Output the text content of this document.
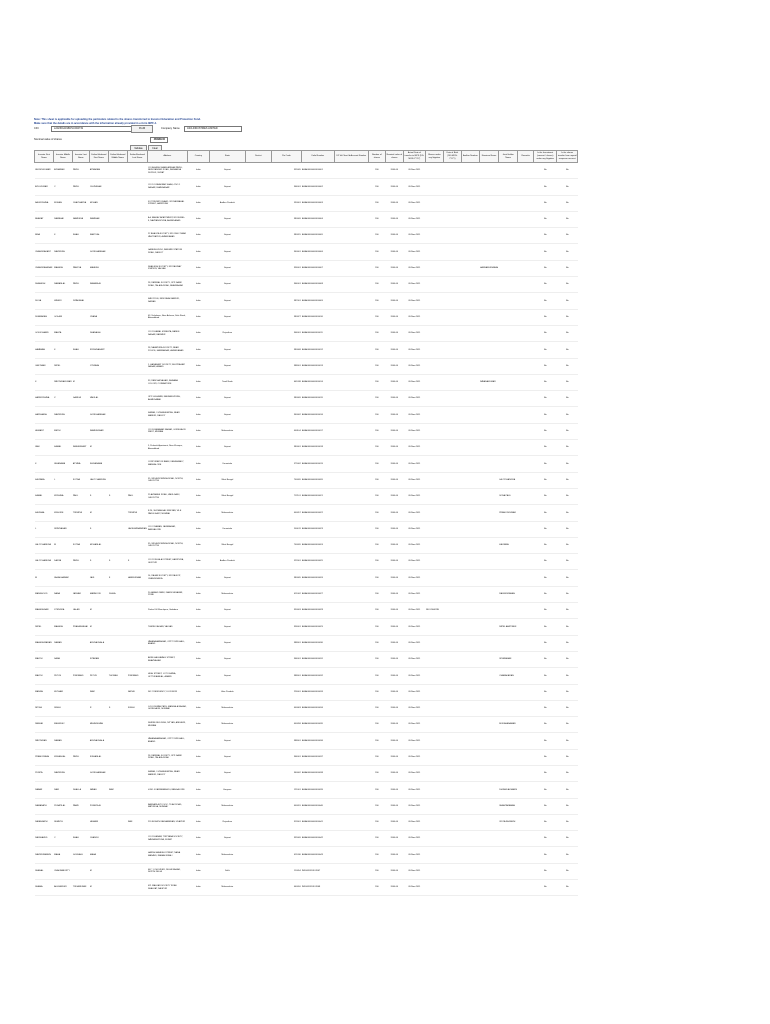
Note: This sheet is applicable for uploading the particulars related to the shares transferred to Investor Education and Protection Fund.
Make sure that the details are in accordance with the information already provided in e-form IEPF-4.
CIN	L24230GJ1981PLC004719	Prefill	Company Name	ASIA INDUSTRIES LIMITED
Nominal value of shares	460986.00
Validate	Clear
Investor First Name	Investor Middle Name	Investor Last Name	Father/Husband First Name	Father/Husband Middle Name	Father/Husband Last Name	Address	Country	State	District	Pin Code	Folio Number	DP Id-Client Id-Account Number	Number of shares	Nominal value of shares	Actual Date of transfer to IEPF (DD-MON-YYYY)	Shares under any litigation	Date of Birth (DD-MON-YYYY)	Aadhar Number	Nominee Name	Joint Holder Name	Remarks	Is the Investment (amount / shares) under any litigation	Is the shares transfer from unpaid suspense account
JAYDEVKUMAR	ATMARAM	PATEL	ATMARAM			C/O ASHISH SHANKARBHAI PATEL, NEW RANDER ROAD, RAJHANSA DUPLEX, SURAT	India	Gujarat		395005	ASIA00000000000001		200	2000.00	09-Nov-2011							No	No
ATULKUMAR	C	PATEL	CHUNIBHAI			C/O D S BHAVSAR SHAH, 4 NO 1 NAGAR, BHAVNAGAR	India	Gujarat		364001	ASIA00000000000002		200	2000.00	09-Nov-2011							No	No
BALKRISHNA	MOHAN	CHAITHANYA	MOHAN			I/O TIRUPATI CHAWL, NR RAJMAHAL STREET, HARIPURA	India	Andhra Pradesh		530001	ASIA00000000000003		200	2000.00	09-Nov-2011							No	No
BHARAT	RAMBHAI	NAMDEVA	RAMBHAI			A-4 SANJAY APARTMENT, NR SUMEL-II, NAVRANGPURA, AHMEDABAD	India	Gujarat		380009	ASIA00000000000004		200	2000.00	09-Nov-2011							No	No
BINA	K	SHAH	KANTILAL			22 BHAGYA SOCIETY, NR ONGC NEAR VASTRAPUR, AHMEDABAD	India	Gujarat		380015	ASIA00000000000005		200	2000.00	09-Nov-2011							No	No
CHANDRAKANT	RAVINDRA		GORDHANBHAI			GANESH KUNJ, RAILWAY STATION ROAD, RAJKOT	India	Gujarat		360001	ASIA00000000000006		200	2000.00	09-Nov-2011							No	No
CHANDRAVADAN	MAHESH	PANDYA	MAHESH			SHAILESH SOCIETY, NR RAILWAY STATION, VALSAD	India	Gujarat		396001	ASIA00000000000007		200	2000.00	09-Nov-2011				HANSAMUKHBHAI			No	No
DHANESH	RAMANLAL	PATEL	RAMANLAL			28, PARIMAL SOCIETY, OPP. BANK ROAD, TALAJA ROAD, BHAVNAGAR	India	Gujarat		364001	ASIA00000000000008		200	2000.00	09-Nov-2011							No	No
DILSA	ZAVERI	DIPAKBHAI				KAVI POLE, NEW BHAI MANDIR, NADIAD	India	Gujarat		387001	ASIA00000000000009		200	2000.00	09-Nov-2011							No	No
DIVAKARAN	GOLANI		JIVANA			43, Vishalwas, Near Ashram, Sola Road, Ahmedabad	India	Gujarat		380027	ASIA00000000000010		200	2000.00	09-Nov-2011							No	No
GOLIKSHAND	MAHTA		DHANALAL			C/O R KAMAL M MEHTA, BANKE NAGAR, BARMER	India	Rajasthan		344001	ASIA00000000000011		200	2000.00	09-Nov-2011							No	No
HAVAMAN	K	SHAH	KRISHNAKANT			28, NAVAPURA SOCIETY, NEAR POLICE, MANINAGAR, AHMEDABAD	India	Gujarat		380008	ASIA00000000000012		200	2000.00	09-Nov-2011							No	No
GEETHAM	PATEL		JITUBHAI			1, HARAKANT SOCIETY, B/H PRAGATI NAGAR, ANAND	India	Gujarat		388001	ASIA00000000000013		200	2000.00	09-Nov-2011							No	No
K	PAVITHRAKUMAR	M				33, PANCHA NAGAR, SAIBABA COLONY, COIMBATORE	India	Tamil Nadu		641038	ASIA00000000000014		200	2000.00	09-Nov-2011				RAVANAKUMAR			No	No
HARIKRISHNA	V	GANDHI	VADILAL			OPP. HIGHWAY, NAVRANGPURA, AHMEDABAD	India	Gujarat		380009	ASIA00000000000015		200	2000.00	09-Nov-2011							No	No
HARSHADA	RAVINDRA		GORDHANBHAI			KARAN, 3 VIKASHIVATSA, NEAR MANDIR, RAJKOT	India	Gujarat		360002	ASIA00000000000016		200	2000.00	09-Nov-2011							No	No
HEMANT	METHI		RAMESHWAR			C/O B JAWAHAR NAGAR, GOREGAON WEST, MUMBAI	India	Maharashtra		400104	ASIA00000000000017		200	2000.00	09-Nov-2011							No	No
JANI	KAMAL	RASHMIKANT	M			5, Prakash Apartment, Near Khanpur, Ahmedabad	India	Gujarat		380001	ASIA00000000000018		200	2000.00	09-Nov-2011							No	No
K	JAYARAMA	ATTAVA	SHIVARAMA			CORPORATION BANK, KANKANADY, MANGALORE	India	Karnataka		575002	ASIA00000000000019		200	2000.00	09-Nov-2011							No	No
KALPANA	L	KOTBA	LALITCHANDRA			95, SRI AUROBINDA ROAD, NORTH, CALCUTTA	India	West Bengal		700020	ASIA00000000000020		200	2000.00	09-Nov-2011					LALITCHANDRA		No	No
KAMAL	KRISHNA	PAUL	S	S	PAUL	29 AVINASHI ROAD, VAKILGANJ, CALCUTTA	India	West Bengal		712101	ASIA00000000000021		200	2000.00	09-Nov-2011					SONA PAUL		No	No
KAUSHAL	KISHORE	TRIPATHI	M		TRIPATHI	B 26, 304 MANGAL NIKETAN, VILE PARLE EAST, MUMBAI	India	Maharashtra		400057	ASIA00000000000022		200	2000.00	09-Nov-2011					PRAMODKUMAR		No	No
L	SRINIVASAN		S		LAKSHMINARAYAN	C/O V RAMAN, JAYANAGAR, BANGALORE	India	Karnataka		560011	ASIA00000000000023		200	2000.00	09-Nov-2011							No	No
LALITCHANDRA	M	KOTBA	MOHANLAL			95, SRI AUROBINDA ROAD, NORTH, CALCUTTA	India	West Bengal		700020	ASIA00000000000024		200	2000.00	09-Nov-2011					KALPANA		No	No
LALITCHANDRA	DANTA	PATEL	S	S	K	C/O R VELALAI STREET, HARIPURA, GUNTUR	India	Andhra Pradesh		522001	ASIA00000000000025		200	2000.00	09-Nov-2011							No	No
M	JAGADHARAM		JAIS	K	HASMUKHAN	14, RAJAN SOCIETY, NR RAJKOT, CHANDKHEDA	India	Gujarat		380005	ASIA00000000000026		200	2000.00	09-Nov-2011							No	No
MANNHOOD	NANA	JANVAR	MANMOOD	DIHGA		20, ANAND PARK, DANDIYA BAZAR, PUNE	India	Maharashtra		411002	ASIA00000000000027		200	2000.00	09-Nov-2011					RAJENDRANAN		No	No
MAHESHNAN	JITENDRA	LALAN	M			Parker Kill Shankpura, Vadodara	India	Gujarat		390003	ASIA00000000000028		200	2000.00	09-Nov-2011	NIL KISHORE						No	No
PATEL	MAHESH	PRAKASHBHAI	M			THERE KALVAN, VALSAD	India	Gujarat		396001	ASIA00000000000029		200	2000.00	09-Nov-2011					PATEL AARTIBEN		No	No
MAHESHWARAN	RAMAN		ARUNACHALA			VAVANAHARAGAR, OPP TOWN HALL, ANAND	India	Gujarat		388001	ASIA00000000000030		200	2000.00	09-Nov-2011							No	No
MALTHI	SANA		SITARAM			ARKE HALKAVALE STREET, BHAVNAGAR	India	Gujarat		364001	ASIA00000000000031		200	2000.00	09-Nov-2011					SITARAMAN		No	No
MALTHI	PETUS	PINKSAND	PETUS	THOMAS	PINKSAND	HIGH STREET, LOT 8 KAINA, LETTUKAVALAL, ANAND	India	Gujarat		388001	ASIA00000000000032		200	2000.00	09-Nov-2011					CHANAKARAN		No	No
MANISH	KETHAM		RAM		NATHU	NO 2 RESIDENCY, LUCKNOW	India	Uttar Pradesh		226001	ASIA00000000000033		200	2000.00	09-Nov-2011							No	No
NITIKA	SINGH		R	S	SINGH	G 101 DIWAN PATH, MANGALA NAGAR, GOREGAON, MUMBAI	India	Maharashtra		400063	ASIA00000000000034		200	2000.00	09-Nov-2011							No	No
PANKAJ	MEHNDEC		MEHNDEVAN			SHIRKE BUILDING, NITYAN, ANDHERI, MUMBAI	India	Maharashtra		400058	ASIA00000000000035		200	2000.00	09-Nov-2011					MODAVANAMAN		No	No
PAVITHRAN	RAMAN		ARUNACHALA			VAVANAHARAGAR, OPP TOWN HALL, ANAND	India	Gujarat		388001	ASIA00000000000036		200	2000.00	09-Nov-2011							No	No
PRAMODBHAI	KISHANLAL	PATEL	KISHANLAL			28, PARIMAL SOCIETY, OPP. BANK ROAD, TALAJA ROAD	India	Gujarat		364001	ASIA00000000000037		200	2000.00	09-Nov-2011							No	No
PUNITA	RAVINDRA		GORDHANBHAI			KARAN, 3 VIKASHIVATSA, NEAR MANDIR, RAJKOT	India	Gujarat		360002	ASIA00000000000038		200	2000.00	09-Nov-2011							No	No
RABAR	RAM	DHALLA	NAVAS	RAM		H NO 4 KARNATAKA 10, BANGALORE	India	Haryana		121001	ASIA00000000000039		200	2000.00	09-Nov-2011					DHIRAJLALMANIS		No	No
RAMANATH	PUNATILAL	PAWE	PUNATILAL			BANSARI ALTO SOC, TILAK ROAD, MATUNGA, MUMBAI	India	Maharashtra		400019	ASIA00000000000040		200	2000.00	09-Nov-2011					SHANTARAMAN		No	No
RAJANNATH	SEMETH		HEMANI		RAN	220 BOKATH JARHANAYAN, UDAIPUR	India	Rajasthan		313001	ASIA00000000000041		200	2000.00	09-Nov-2011					VIDYA RAJNATH		No	No
RAJSHAVED	C	SHAH	CHANDU			C/O R KARAM, TRIPTANA SOCIETY, NAVRANGPURA, SURAT	India	Gujarat		395009	ASIA00000000000042		200	2000.00	09-Nov-2011							No	No
RAVINDRANATH	MAHA	GOKHALE	MAHA			HARSH MAHESH STREET, NANA MADAVS, RAMAH NIKALI	India	Maharashtra		411030	ASIA00000000000043		200	2000.00	09-Nov-2011							No	No
SHANAL	CHAKRABORTY		M			447, 1 CHOUDER, DELHI NAGAR, NORTH DELHI	India	Delhi		110054	IN30026310124567		200	2000.00	09-Nov-2011							No	No
SHAMA	ALEXANDER	TRIVANDRAN	M			421 WALKAR SOCIETY ROAD SHALKAT, NAGPUR	India	Maharashtra		440010	IN30026310124568		200	2000.00	09-Nov-2011							No	No
